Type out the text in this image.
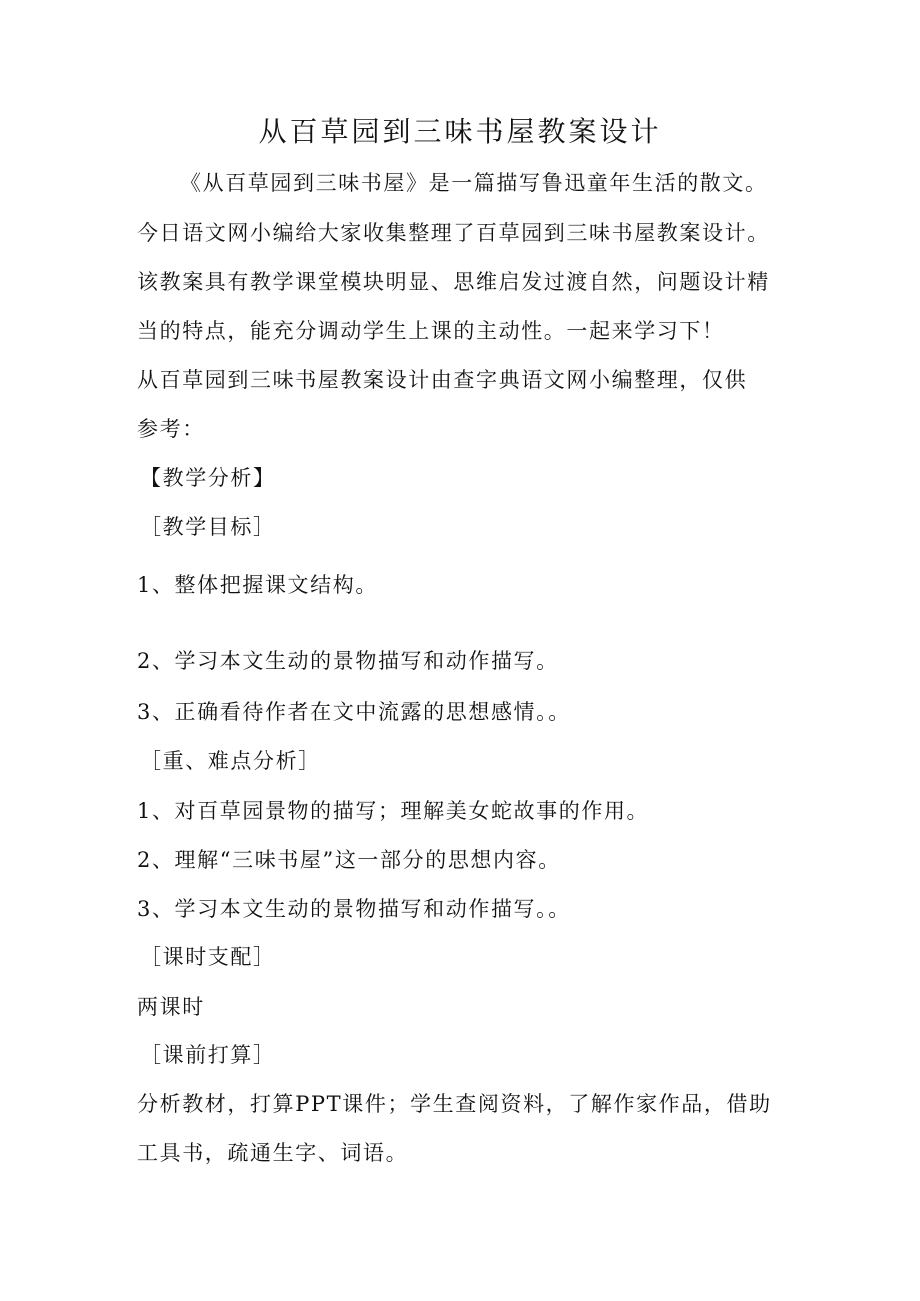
从百草园到三味书屋教案设计
《从百草园到三味书屋》是一篇描写鲁迅童年生活的散文。
今日语文网小编给大家收集整理了百草园到三味书屋教案设计。
该教案具有教学课堂模块明显、思维启发过渡自然，问题设计精
当的特点，能充分调动学生上课的主动性。一起来学习下！
从百草园到三味书屋教案设计由查字典语文网小编整理，仅供
参考：
【教学分析】
［教学目标］
1、整体把握课文结构。
2、学习本文生动的景物描写和动作描写。
3、正确看待作者在文中流露的思想感情。。
［重、难点分析］
1、对百草园景物的描写；理解美女蛇故事的作用。
2、理解“三味书屋”这一部分的思想内容。
3、学习本文生动的景物描写和动作描写。。
［课时支配］
两课时
［课前打算］
分析教材，打算PPT课件；学生查阅资料，了解作家作品，借助
工具书，疏通生字、词语。
